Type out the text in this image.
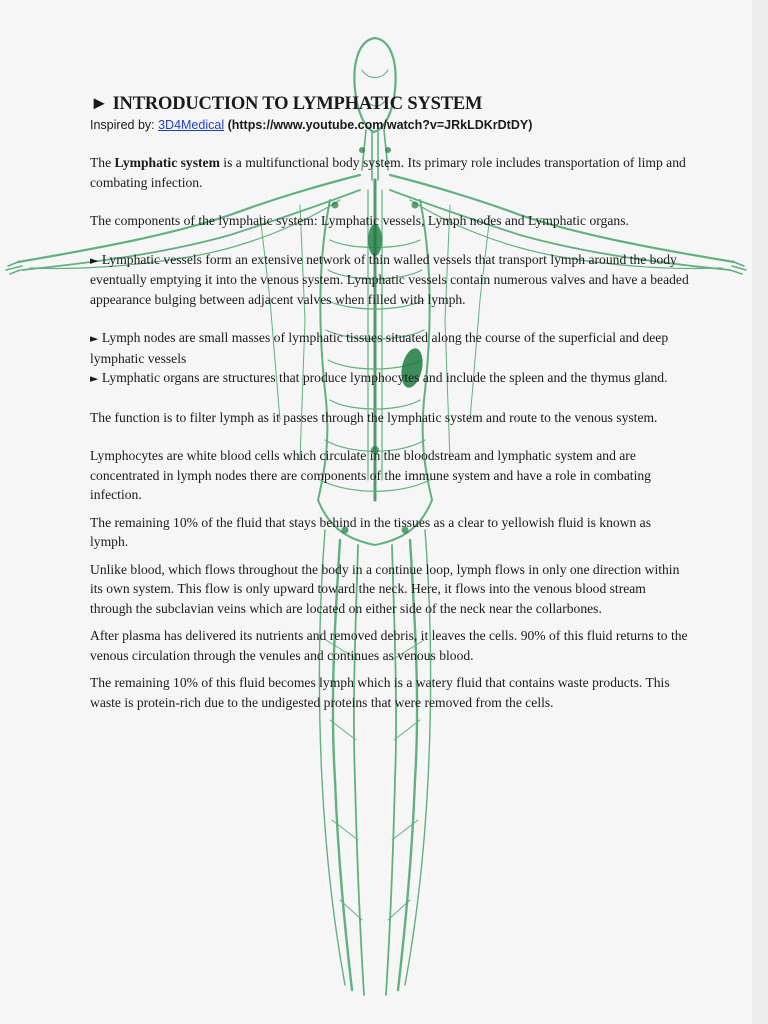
► INTRODUCTION TO LYMPHATIC SYSTEM
Inspired by: 3D4Medical (https://www.youtube.com/watch?v=JRkLDKrDtDY)

The Lymphatic system is a multifunctional body system. Its primary role includes transportation of limp and combating infection.

The components of the lymphatic system: Lymphatic vessels, Lymph nodes and Lymphatic organs.

► Lymphatic vessels form an extensive network of thin walled vessels that transport lymph around the body eventually emptying it into the venous system. Lymphatic vessels contain numerous valves and have a beaded appearance bulging between adjacent valves when filled with lymph.

► Lymph nodes are small masses of lymphatic tissues situated along the course of the superficial and deep lymphatic vessels

► Lymphatic organs are structures that produce lymphocytes and include the spleen and the thymus gland.

The function is to filter lymph as it passes through the lymphatic system and route to the venous system.

Lymphocytes are white blood cells which circulate in the bloodstream and lymphatic system and are concentrated in lymph nodes there are components of the immune system and have a role in combating infection.

The remaining 10% of the fluid that stays behind in the tissues as a clear to yellowish fluid is known as lymph.

Unlike blood, which flows throughout the body in a continue loop, lymph flows in only one direction within its own system. This flow is only upward toward the neck. Here, it flows into the venous blood stream through the subclavian veins which are located on either side of the neck near the collarbones.

After plasma has delivered its nutrients and removed debris, it leaves the cells. 90% of this fluid returns to the venous circulation through the venules and continues as venous blood.

The remaining 10% of this fluid becomes lymph which is a watery fluid that contains waste products. This waste is protein-rich due to the undigested proteins that were removed from the cells.
